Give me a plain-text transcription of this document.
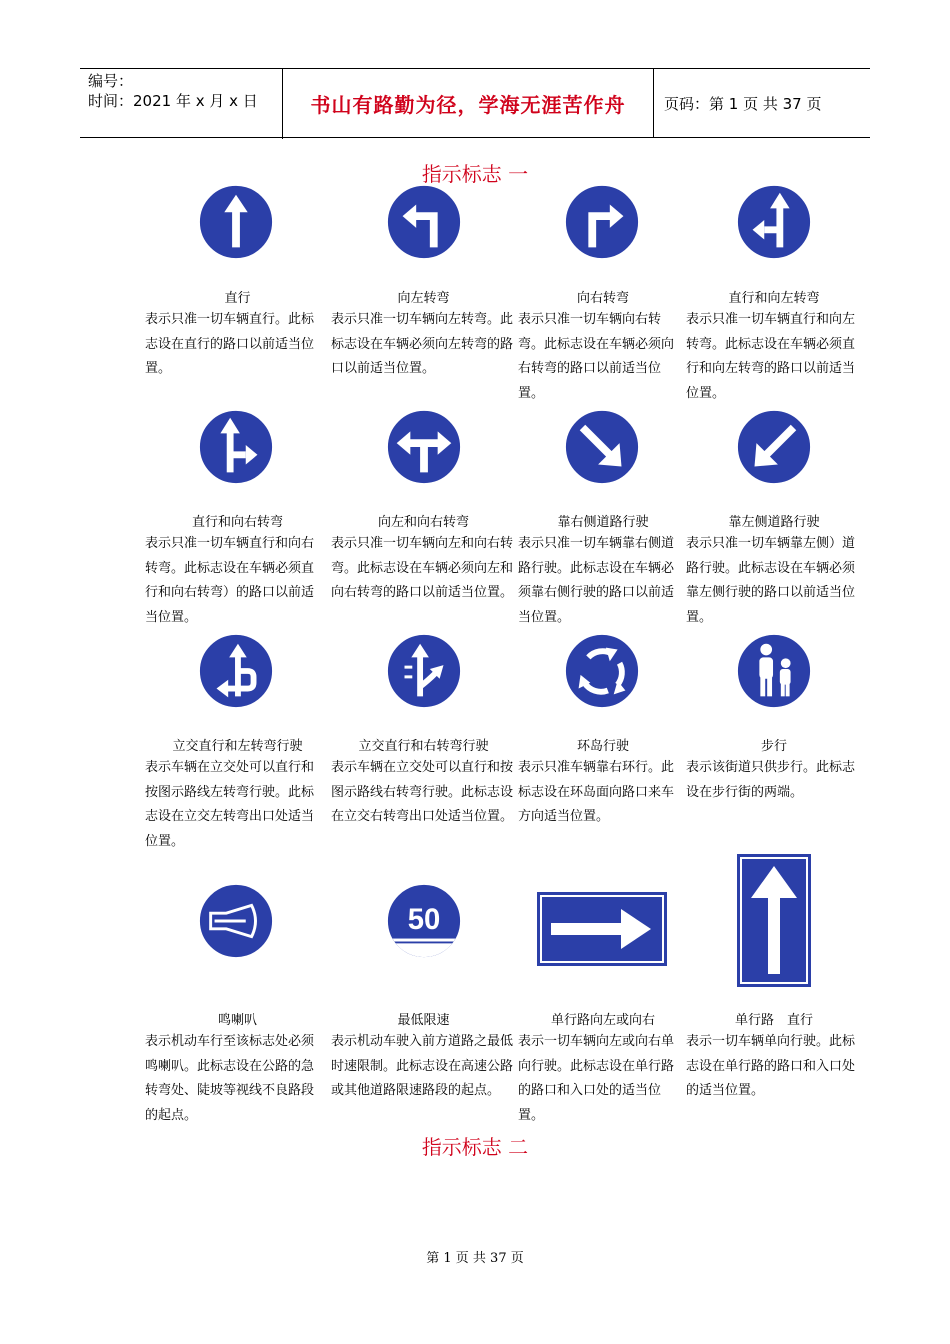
编号：
时间：2021 年 x 月 x 日	书山有路勤为径，学海无涯苦作舟	页码：第 1 页 共 37 页
指示标志 一
直行	向左转弯	向右转弯	直行和向左转弯
表示只准一切车辆直行。此标志设在直行的路口以前适当位置。
表示只准一切车辆向左转弯。此标志设在车辆必须向左转弯的路口以前适当位置。
表示只准一切车辆向右转弯。此标志设在车辆必须向右转弯的路口以前适当位置。
表示只准一切车辆直行和向左转弯。此标志设在车辆必须直行和向左转弯的路口以前适当位置。
直行和向右转弯	向左和向右转弯	靠右侧道路行驶	靠左侧道路行驶
表示只准一切车辆直行和向右转弯。此标志设在车辆必须直行和向右转弯）的路口以前适当位置。
表示只准一切车辆向左和向右转弯。此标志设在车辆必须向左和向右转弯的路口以前适当位置。
表示只准一切车辆靠右侧道路行驶。此标志设在车辆必须靠右侧行驶的路口以前适当位置。
表示只准一切车辆靠左侧）道路行驶。此标志设在车辆必须靠左侧行驶的路口以前适当位置。
立交直行和左转弯行驶	立交直行和右转弯行驶	环岛行驶	步行
表示车辆在立交处可以直行和按图示路线左转弯行驶。此标志设在立交左转弯出口处适当位置。
表示车辆在立交处可以直行和按图示路线右转弯行驶。此标志设在立交右转弯出口处适当位置。
表示只准车辆靠右环行。此标志设在环岛面向路口来车方向适当位置。
表示该街道只供步行。此标志设在步行街的两端。
50
鸣喇叭	最低限速	单行路向左或向右	单行路　直行
表示机动车行至该标志处必须鸣喇叭。此标志设在公路的急转弯处、陡坡等视线不良路段的起点。
表示机动车驶入前方道路之最低时速限制。此标志设在高速公路或其他道路限速路段的起点。
表示一切车辆向左或向右单向行驶。此标志设在单行路的路口和入口处的适当位置。
表示一切车辆单向行驶。此标志设在单行路的路口和入口处的适当位置。
指示标志 二
第 1 页 共 37 页
